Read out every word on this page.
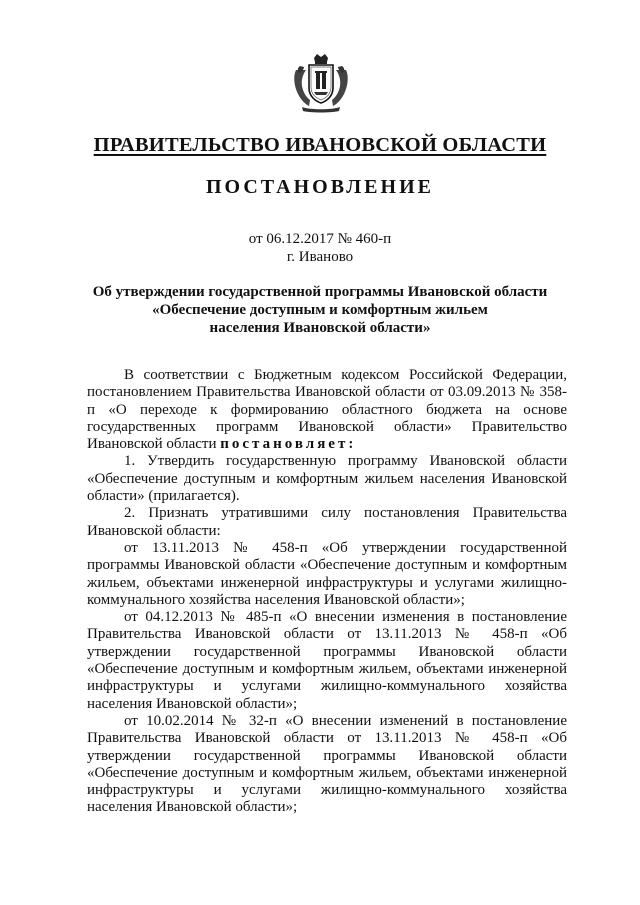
ПРАВИТЕЛЬСТВО ИВАНОВСКОЙ ОБЛАСТИ
ПОСТАНОВЛЕНИЕ
от 06.12.2017 № 460-п
г. Иваново
Об утверждении государственной программы Ивановской области
«Обеспечение доступным и комфортным жильем
населения Ивановской области»

В соответствии с Бюджетным кодексом Российской Федерации, постановлением Правительства Ивановской области от 03.09.2013 № 358-п «О переходе к формированию областного бюджета на основе государственных программ Ивановской области» Правительство Ивановской области постановляет:

1. Утвердить государственную программу Ивановской области «Обеспечение доступным и комфортным жильем населения Ивановской области» (прилагается).

2. Признать утратившими силу постановления Правительства Ивановской области:

от 13.11.2013 № 458-п «Об утверждении государственной программы Ивановской области «Обеспечение доступным и комфортным жильем, объектами инженерной инфраструктуры и услугами жилищно-коммунального хозяйства населения Ивановской области»;

от 04.12.2013 № 485-п «О внесении изменения в постановление Правительства Ивановской области от 13.11.2013 № 458-п «Об утверждении государственной программы Ивановской области «Обеспечение доступным и комфортным жильем, объектами инженерной инфраструктуры и услугами жилищно-коммунального хозяйства населения Ивановской области»;

от 10.02.2014 № 32-п «О внесении изменений в постановление Правительства Ивановской области от 13.11.2013 № 458-п «Об утверждении государственной программы Ивановской области «Обеспечение доступным и комфортным жильем, объектами инженерной инфраструктуры и услугами жилищно-коммунального хозяйства населения Ивановской области»;
